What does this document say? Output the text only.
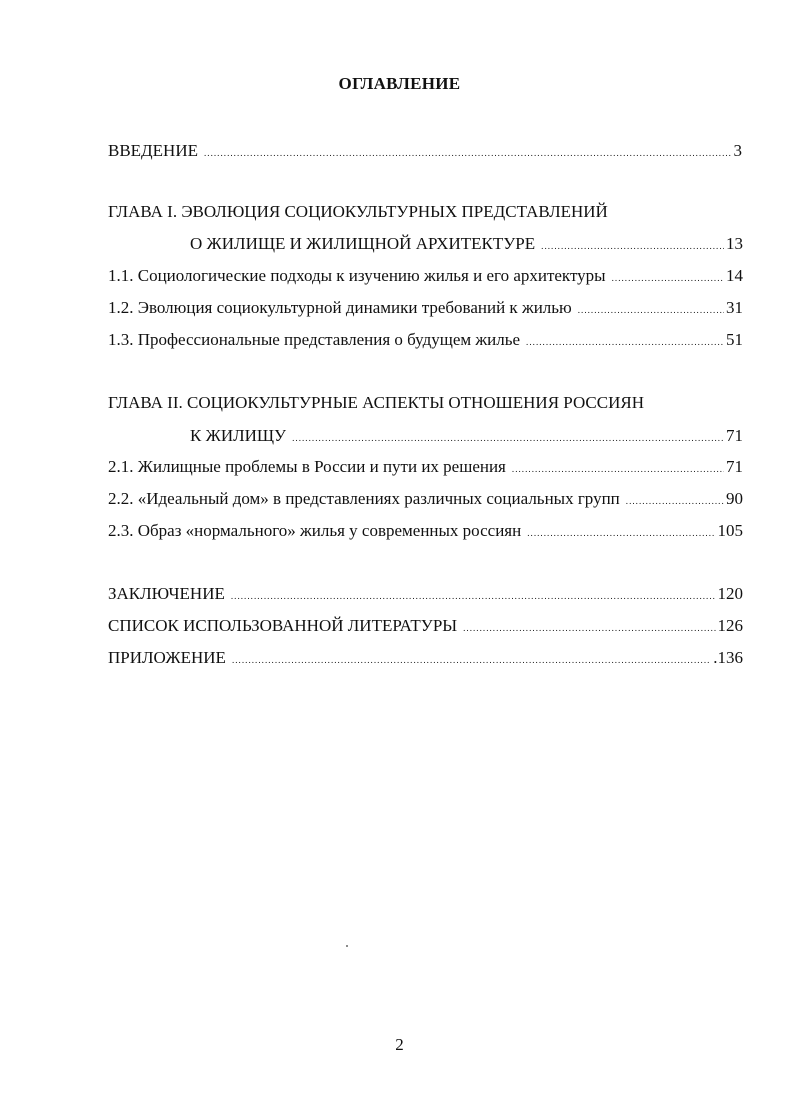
ОГЛАВЛЕНИЕ
ВВЕДЕНИЕ . . .	3
ГЛАВА I. ЭВОЛЮЦИЯ СОЦИОКУЛЬТУРНЫХ ПРЕДСТАВЛЕНИЙ
О ЖИЛИЩЕ И ЖИЛИЩНОЙ АРХИТЕКТУРЕ . . .	13
1.1. Социологические подходы к изучению жилья и его архитектуры . . .	14
1.2. Эволюция социокультурной динамики требований к жилью . . .	31
1.3. Профессиональные представления о будущем жилье . . .	51
ГЛАВА II. СОЦИОКУЛЬТУРНЫЕ АСПЕКТЫ ОТНОШЕНИЯ РОССИЯН
К ЖИЛИЩУ . . .	71
2.1. Жилищные проблемы в России и пути их решения . . .	71
2.2. «Идеальный дом» в представлениях различных социальных групп . . .	90
2.3. Образ «нормального» жилья у современных россиян . . .	105
ЗАКЛЮЧЕНИЕ . . .	120
СПИСОК ИСПОЛЬЗОВАННОЙ ЛИТЕРАТУРЫ . . .	126
ПРИЛОЖЕНИЕ . . .	.136
2
